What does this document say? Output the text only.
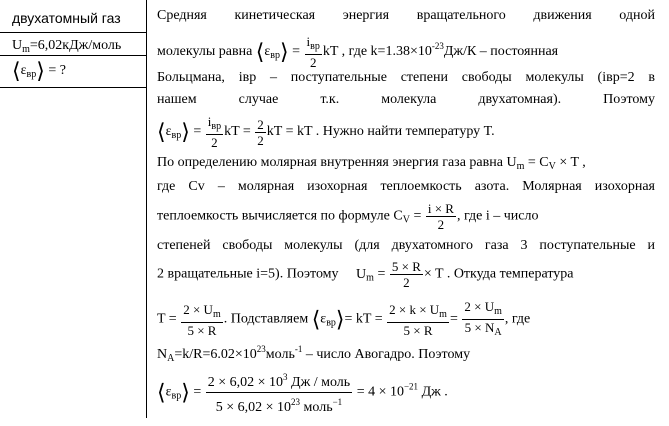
двухатомный газ
$U_m=6,02кДж$/моль
$⟨\varepsilon_{вр}⟩$ = ?
Средняя кинетическая энергия вращательного движения одной
молекулы равна $⟨\varepsilon_{вр}⟩ = \frac{i_{вр}}{2}$ kT , где $k=1.38\times 10^{-23}Дж/К$ – постоянная
Больцмана, iвр – поступательные степени свободы молекулы (iвр=2 в
нашем случае т.к. молекула двухатомная). Поэтому
$⟨\varepsilon_{вр}⟩ = \frac{i_{вр}}{2}$ kT = $\frac{2}{2}$ kT = kT . Нужно найти температуру T.
По определению молярная внутренняя энергия газа равна $U_m = C_V \times T$ ,
где Cv – молярная изохорная теплоемкость азота. Молярная изохорная
теплоемкость вычисляется по формуле $C_V = \frac{i \times R}{2}$ , где i – число
степеней свободы молекулы (для двухатомного газа 3 поступательные и
2 вращательные i=5). Поэтому $U_m = \frac{5 \times R}{2} \times T$ . Откуда температура
$T = \frac{2 \times U_m}{5 \times R}$ . Подставляем $⟨\varepsilon_{вр}⟩=$ kT = $\frac{2 \times k \times U_m}{5 \times R} = \frac{2 \times U_m}{5 \times N_A}$ , где
$N_A=k/R=6.02\times 10^{23}моль^{-1}$ – число Авогадро. Поэтому
$⟨\varepsilon_{вр}⟩ = \frac{2 \times 6,02 \times 10^3 Дж / моль}{5 \times 6,02 \times 10^{23} моль^{-1}} = 4 \times 10^{-21}$ Дж .
